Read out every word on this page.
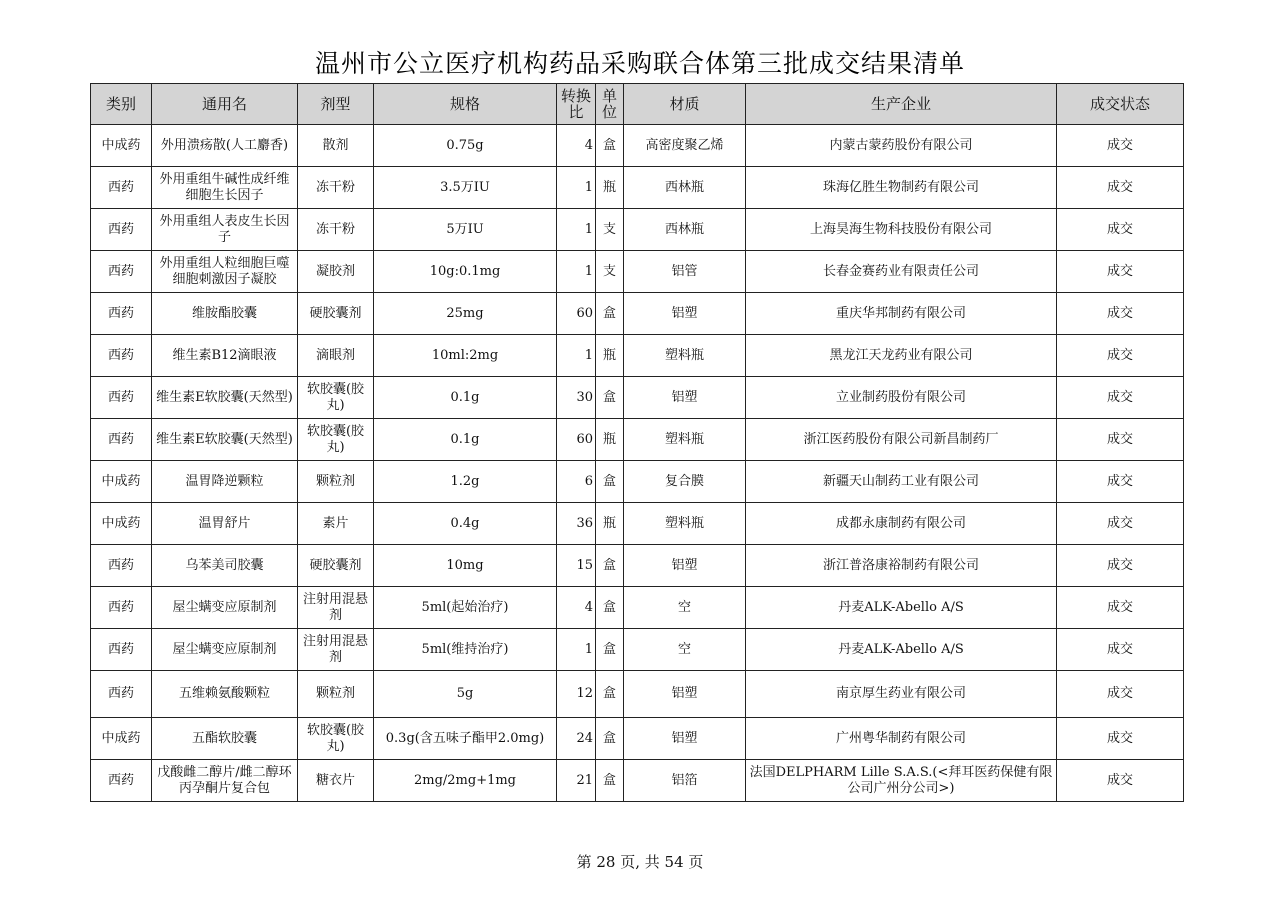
温州市公立医疗机构药品采购联合体第三批成交结果清单
类别	通用名	剂型	规格	转换比	单位	材质	生产企业	成交状态
中成药	外用溃疡散(人工麝香)	散剂	0.75g	4	盒	高密度聚乙烯	内蒙古蒙药股份有限公司	成交
西药	外用重组牛碱性成纤维细胞生长因子	冻干粉	3.5万IU	1	瓶	西林瓶	珠海亿胜生物制药有限公司	成交
西药	外用重组人表皮生长因子	冻干粉	5万IU	1	支	西林瓶	上海昊海生物科技股份有限公司	成交
西药	外用重组人粒细胞巨噬细胞刺激因子凝胶	凝胶剂	10g:0.1mg	1	支	铝管	长春金赛药业有限责任公司	成交
西药	维胺酯胶囊	硬胶囊剂	25mg	60	盒	铝塑	重庆华邦制药有限公司	成交
西药	维生素B12滴眼液	滴眼剂	10ml:2mg	1	瓶	塑料瓶	黑龙江天龙药业有限公司	成交
西药	维生素E软胶囊(天然型)	软胶囊(胶丸)	0.1g	30	盒	铝塑	立业制药股份有限公司	成交
西药	维生素E软胶囊(天然型)	软胶囊(胶丸)	0.1g	60	瓶	塑料瓶	浙江医药股份有限公司新昌制药厂	成交
中成药	温胃降逆颗粒	颗粒剂	1.2g	6	盒	复合膜	新疆天山制药工业有限公司	成交
中成药	温胃舒片	素片	0.4g	36	瓶	塑料瓶	成都永康制药有限公司	成交
西药	乌苯美司胶囊	硬胶囊剂	10mg	15	盒	铝塑	浙江普洛康裕制药有限公司	成交
西药	屋尘螨变应原制剂	注射用混悬剂	5ml(起始治疗)	4	盒	空	丹麦ALK-Abello A/S	成交
西药	屋尘螨变应原制剂	注射用混悬剂	5ml(维持治疗)	1	盒	空	丹麦ALK-Abello A/S	成交
西药	五维赖氨酸颗粒	颗粒剂	5g	12	盒	铝塑	南京厚生药业有限公司	成交
中成药	五酯软胶囊	软胶囊(胶丸)	0.3g(含五味子酯甲2.0mg)	24	盒	铝塑	广州粤华制药有限公司	成交
西药	戊酸雌二醇片/雌二醇环丙孕酮片复合包	糖衣片	2mg/2mg+1mg	21	盒	铝箔	法国DELPHARM Lille S.A.S.(<拜耳医药保健有限公司广州分公司>)	成交
第 28 页, 共 54 页
